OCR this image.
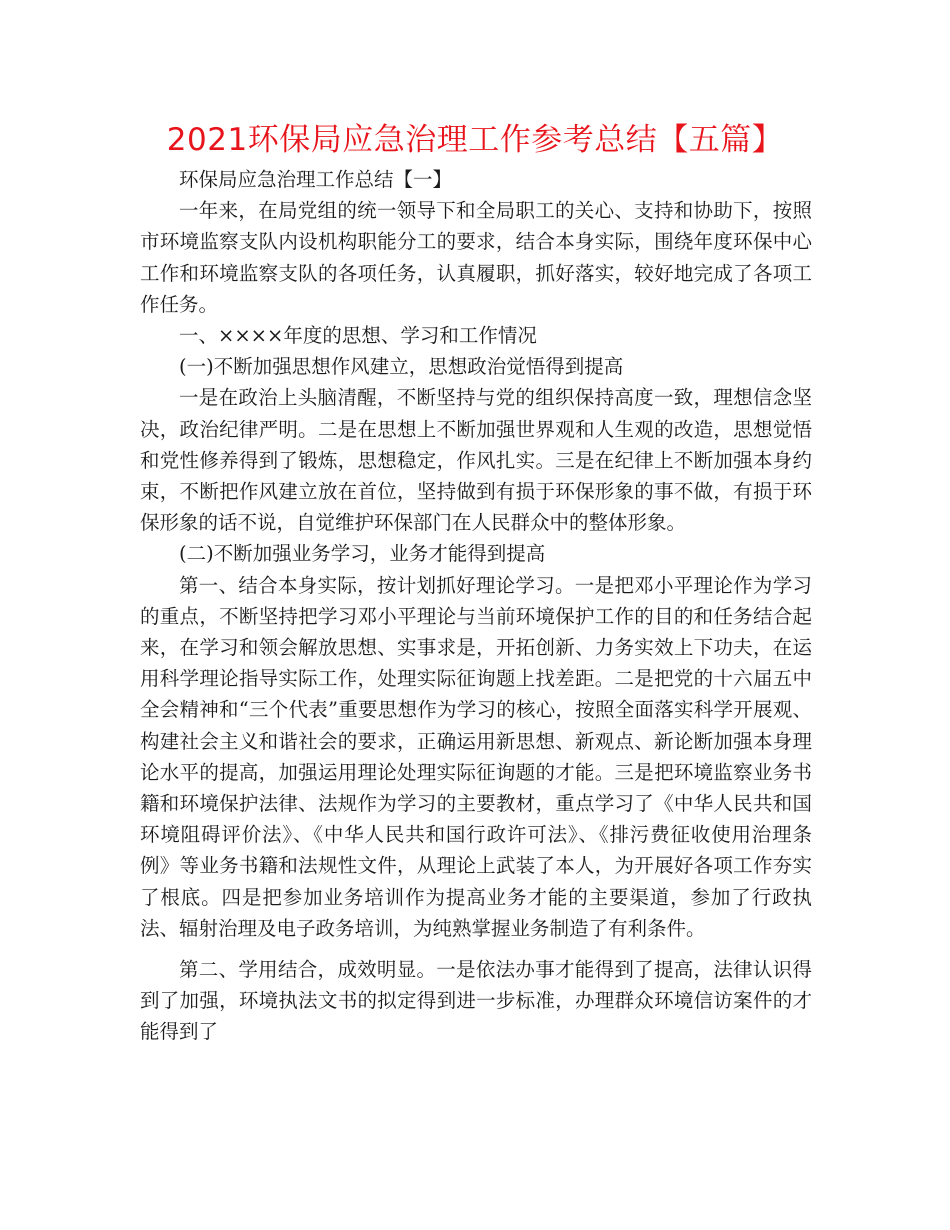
2021环保局应急治理工作参考总结【五篇】

环保局应急治理工作总结【一】

一年来，在局党组的统一领导下和全局职工的关心、支持和协助下，按照市环境监察支队内设机构职能分工的要求，结合本身实际，围绕年度环保中心工作和环境监察支队的各项任务，认真履职，抓好落实，较好地完成了各项工作任务。

一、××××年度的思想、学习和工作情况

(一)不断加强思想作风建立，思想政治觉悟得到提高

一是在政治上头脑清醒，不断坚持与党的组织保持高度一致，理想信念坚决，政治纪律严明。二是在思想上不断加强世界观和人生观的改造，思想觉悟和党性修养得到了锻炼，思想稳定，作风扎实。三是在纪律上不断加强本身约束，不断把作风建立放在首位，坚持做到有损于环保形象的事不做，有损于环保形象的话不说，自觉维护环保部门在人民群众中的整体形象。

(二)不断加强业务学习，业务才能得到提高

第一、结合本身实际，按计划抓好理论学习。一是把邓小平理论作为学习的重点，不断坚持把学习邓小平理论与当前环境保护工作的目的和任务结合起来，在学习和领会解放思想、实事求是，开拓创新、力务实效上下功夫，在运用科学理论指导实际工作，处理实际征询题上找差距。二是把党的十六届五中全会精神和“三个代表”重要思想作为学习的核心，按照全面落实科学开展观、构建社会主义和谐社会的要求，正确运用新思想、新观点、新论断加强本身理论水平的提高，加强运用理论处理实际征询题的才能。三是把环境监察业务书籍和环境保护法律、法规作为学习的主要教材，重点学习了《中华人民共和国环境阻碍评价法》、《中华人民共和国行政许可法》、《排污费征收使用治理条例》等业务书籍和法规性文件，从理论上武装了本人，为开展好各项工作夯实了根底。四是把参加业务培训作为提高业务才能的主要渠道，参加了行政执法、辐射治理及电子政务培训，为纯熟掌握业务制造了有利条件。

第二、学用结合，成效明显。一是依法办事才能得到了提高，法律认识得到了加强，环境执法文书的拟定得到进一步标准，办理群众环境信访案件的才能得到了
